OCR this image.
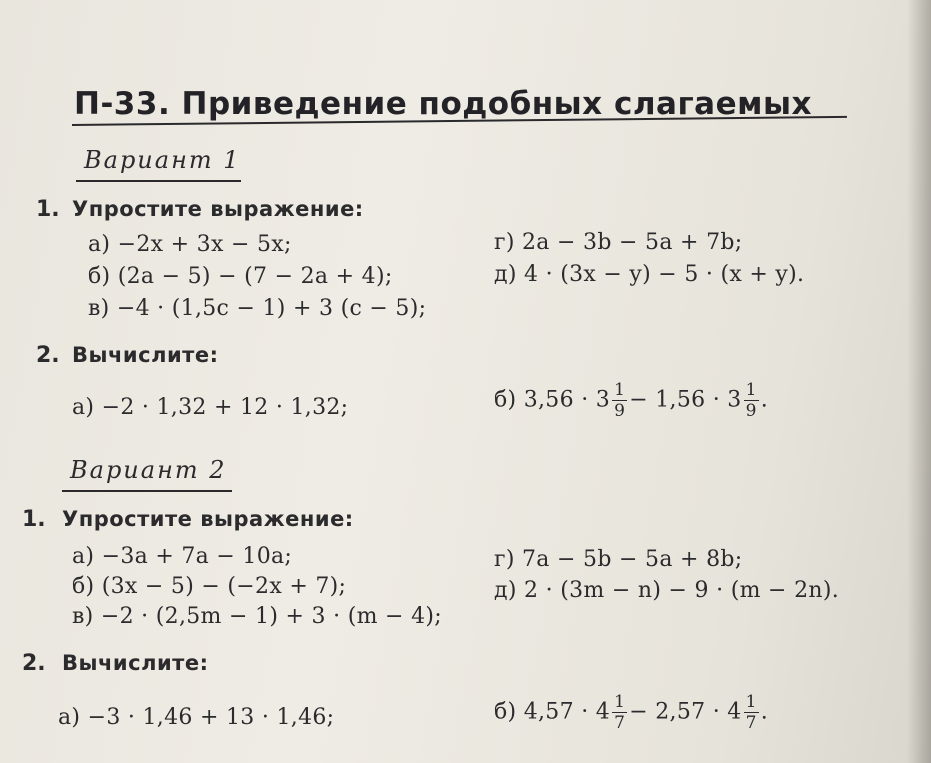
П-33. Приведение подобных слагаемых
Вариант 1
1. Упростите выражение:
а) −2x + 3x − 5x;
б) (2a − 5) − (7 − 2a + 4);
в) −4 · (1,5c − 1) + 3 (c − 5);
г) 2a − 3b − 5a + 7b;
д) 4 · (3x − y) − 5 · (x + y).
2. Вычислите:
а) −2 · 1,32 + 12 · 1,32;	б) $3,56 \cdot 3 \frac{1}{9} - 1,56 \cdot 3 \frac{1}{9}$ .
Вариант 2
1. Упростите выражение:
а) −3a + 7a − 10a;
б) (3x − 5) − (−2x + 7);
в) −2 · (2,5m − 1) + 3 · (m − 4);
г) 7a − 5b − 5a + 8b;
д) 2 · (3m − n) − 9 · (m − 2n).
2. Вычислите:
а) −3 · 1,46 + 13 · 1,46;	б) $4,57 \cdot 4 \frac{1}{7} - 2,57 \cdot 4 \frac{1}{7}$ .
